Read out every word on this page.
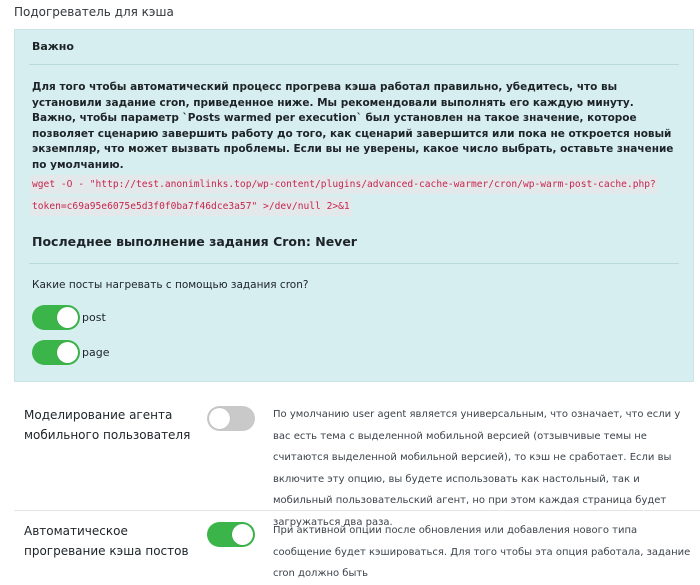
Подогреватель для кэша
Важно

Для того чтобы автоматический процесс прогрева кэша работал правильно, убедитесь, что вы установили задание cron, приведенное ниже. Мы рекомендовали выполнять его каждую минуту.

Важно, чтобы параметр `Posts warmed per execution` был установлен на такое значение, которое позволяет сценарию завершить работу до того, как сценарий завершится или пока не откроется новый экземпляр, что может вызвать проблемы. Если вы не уверены, какое число выбрать, оставьте значение по умолчанию.

wget -O - "http://test.anonimlinks.top/wp-content/plugins/advanced-cache-warmer/cron/wp-warm-post-cache.php?token=c69a95e6075e5d3f0f0ba7f46dce3a57" >/dev/null 2>&1
Последнее выполнение задания Cron: Never
Какие посты нагревать с помощью задания cron?
post
page
Моделирование агента мобильного пользователя
По умолчанию user agent является универсальным, что означает, что если у вас есть тема с выделенной мобильной версией (отзывчивые темы не считаются выделенной мобильной версией), то кэш не сработает. Если вы включите эту опцию, вы будете использовать как настольный, так и мобильный пользовательский агент, но при этом каждая страница будет загружаться два раза.
Автоматическое прогревание кэша постов
При активной опции после обновления или добавления нового типа сообщение будет кэшироваться. Для того чтобы эта опция работала, задание cron должно быть
